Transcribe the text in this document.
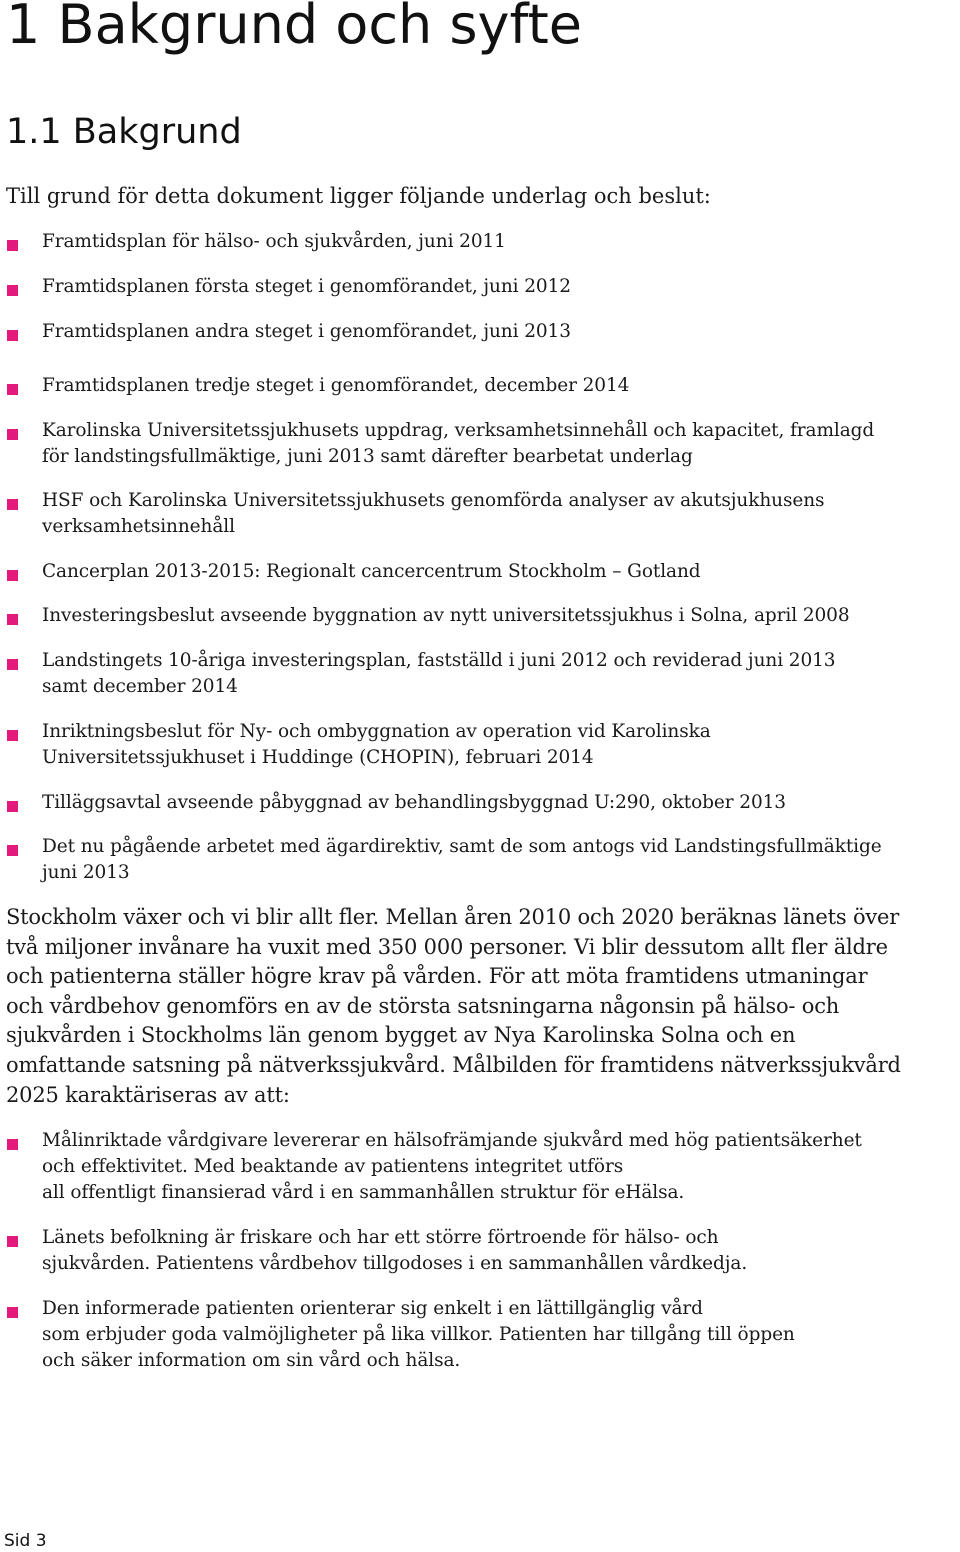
1 Bakgrund och syfte
1.1 Bakgrund

Till grund för detta dokument ligger följande underlag och beslut:

Framtidsplan för hälso- och sjukvården, juni 2011
Framtidsplanen första steget i genomförandet, juni 2012
Framtidsplanen andra steget i genomförandet, juni 2013
Framtidsplanen tredje steget i genomförandet, december 2014
Karolinska Universitetssjukhusets uppdrag, verksamhetsinnehåll och kapacitet, framlagd
för landstingsfullmäktige, juni 2013 samt därefter bearbetat underlag
HSF och Karolinska Universitetssjukhusets genomförda analyser av akutsjukhusens
verksamhetsinnehåll
Cancerplan 2013-2015: Regionalt cancercentrum Stockholm – Gotland
Investeringsbeslut avseende byggnation av nytt universitetssjukhus i Solna, april 2008
Landstingets 10-åriga investeringsplan, fastställd i juni 2012 och reviderad juni 2013
samt december 2014
Inriktningsbeslut för Ny- och ombyggnation av operation vid Karolinska
Universitetssjukhuset i Huddinge (CHOPIN), februari 2014
Tilläggsavtal avseende påbyggnad av behandlingsbyggnad U:290, oktober 2013
Det nu pågående arbetet med ägardirektiv, samt de som antogs vid Landstingsfullmäktige
juni 2013

Stockholm växer och vi blir allt fler. Mellan åren 2010 och 2020 beräknas länets över
två miljoner invånare ha vuxit med 350 000 personer. Vi blir dessutom allt fler äldre
och patienterna ställer högre krav på vården. För att möta framtidens utmaningar
och vårdbehov genomförs en av de största satsningarna någonsin på hälso- och
sjukvården i Stockholms län genom bygget av Nya Karolinska Solna och en
omfattande satsning på nätverkssjukvård. Målbilden för framtidens nätverkssjukvård
2025 karaktäriseras av att:

Målinriktade vårdgivare levererar en hälsofrämjande sjukvård med hög patientsäkerhet
och effektivitet. Med beaktande av patientens integritet utförs
all offentligt finansierad vård i en sammanhållen struktur för eHälsa.
Länets befolkning är friskare och har ett större förtroende för hälso- och
sjukvården. Patientens vårdbehov tillgodoses i en sammanhållen vårdkedja.
Den informerade patienten orienterar sig enkelt i en lättillgänglig vård
som erbjuder goda valmöjligheter på lika villkor. Patienten har tillgång till öppen
och säker information om sin vård och hälsa.
Sid 3
